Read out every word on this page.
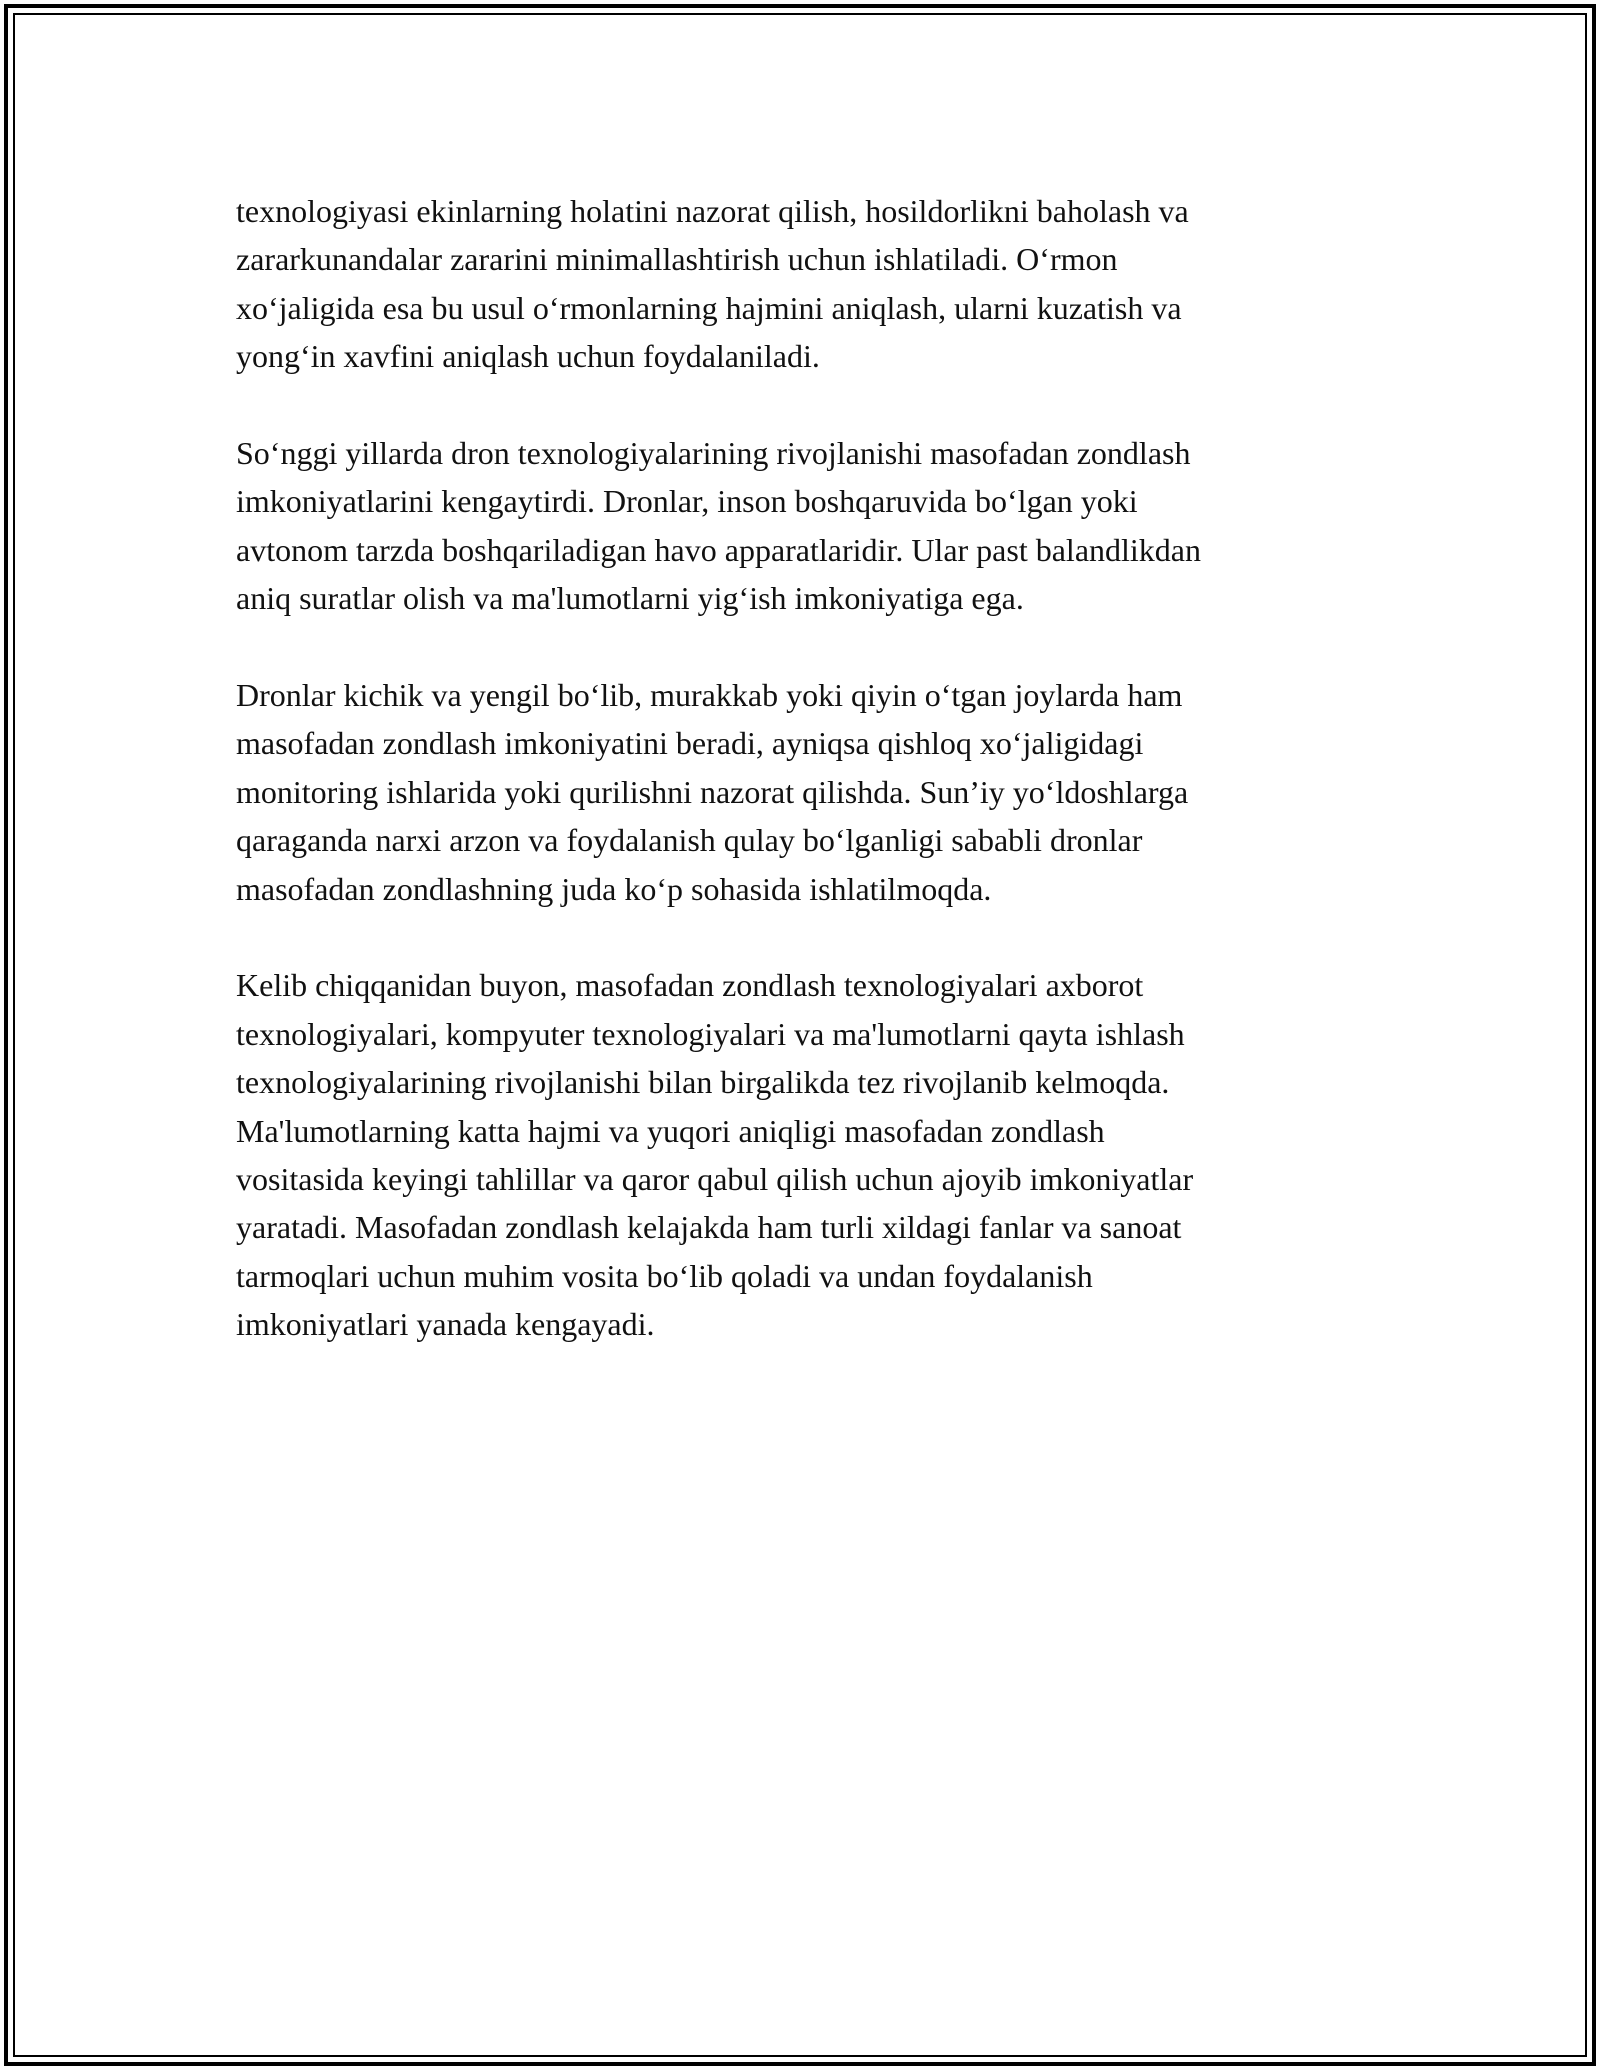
texnologiyasi ekinlarning holatini nazorat qilish, hosildorlikni baholash va
zararkunandalar zararini minimallashtirish uchun ishlatiladi. O‘rmon
xo‘jaligida esa bu usul o‘rmonlarning hajmini aniqlash, ularni kuzatish va
yong‘in xavfini aniqlash uchun foydalaniladi.

So‘nggi yillarda dron texnologiyalarining rivojlanishi masofadan zondlash
imkoniyatlarini kengaytirdi. Dronlar, inson boshqaruvida bo‘lgan yoki
avtonom tarzda boshqariladigan havo apparatlaridir. Ular past balandlikdan
aniq suratlar olish va ma'lumotlarni yig‘ish imkoniyatiga ega.

Dronlar kichik va yengil bo‘lib, murakkab yoki qiyin o‘tgan joylarda ham
masofadan zondlash imkoniyatini beradi, ayniqsa qishloq xo‘jaligidagi
monitoring ishlarida yoki qurilishni nazorat qilishda. Sun’iy yo‘ldoshlarga
qaraganda narxi arzon va foydalanish qulay bo‘lganligi sababli dronlar
masofadan zondlashning juda ko‘p sohasida ishlatilmoqda.

Kelib chiqqanidan buyon, masofadan zondlash texnologiyalari axborot
texnologiyalari, kompyuter texnologiyalari va ma'lumotlarni qayta ishlash
texnologiyalarining rivojlanishi bilan birgalikda tez rivojlanib kelmoqda.
Ma'lumotlarning katta hajmi va yuqori aniqligi masofadan zondlash
vositasida keyingi tahlillar va qaror qabul qilish uchun ajoyib imkoniyatlar
yaratadi. Masofadan zondlash kelajakda ham turli xildagi fanlar va sanoat
tarmoqlari uchun muhim vosita bo‘lib qoladi va undan foydalanish
imkoniyatlari yanada kengayadi.
